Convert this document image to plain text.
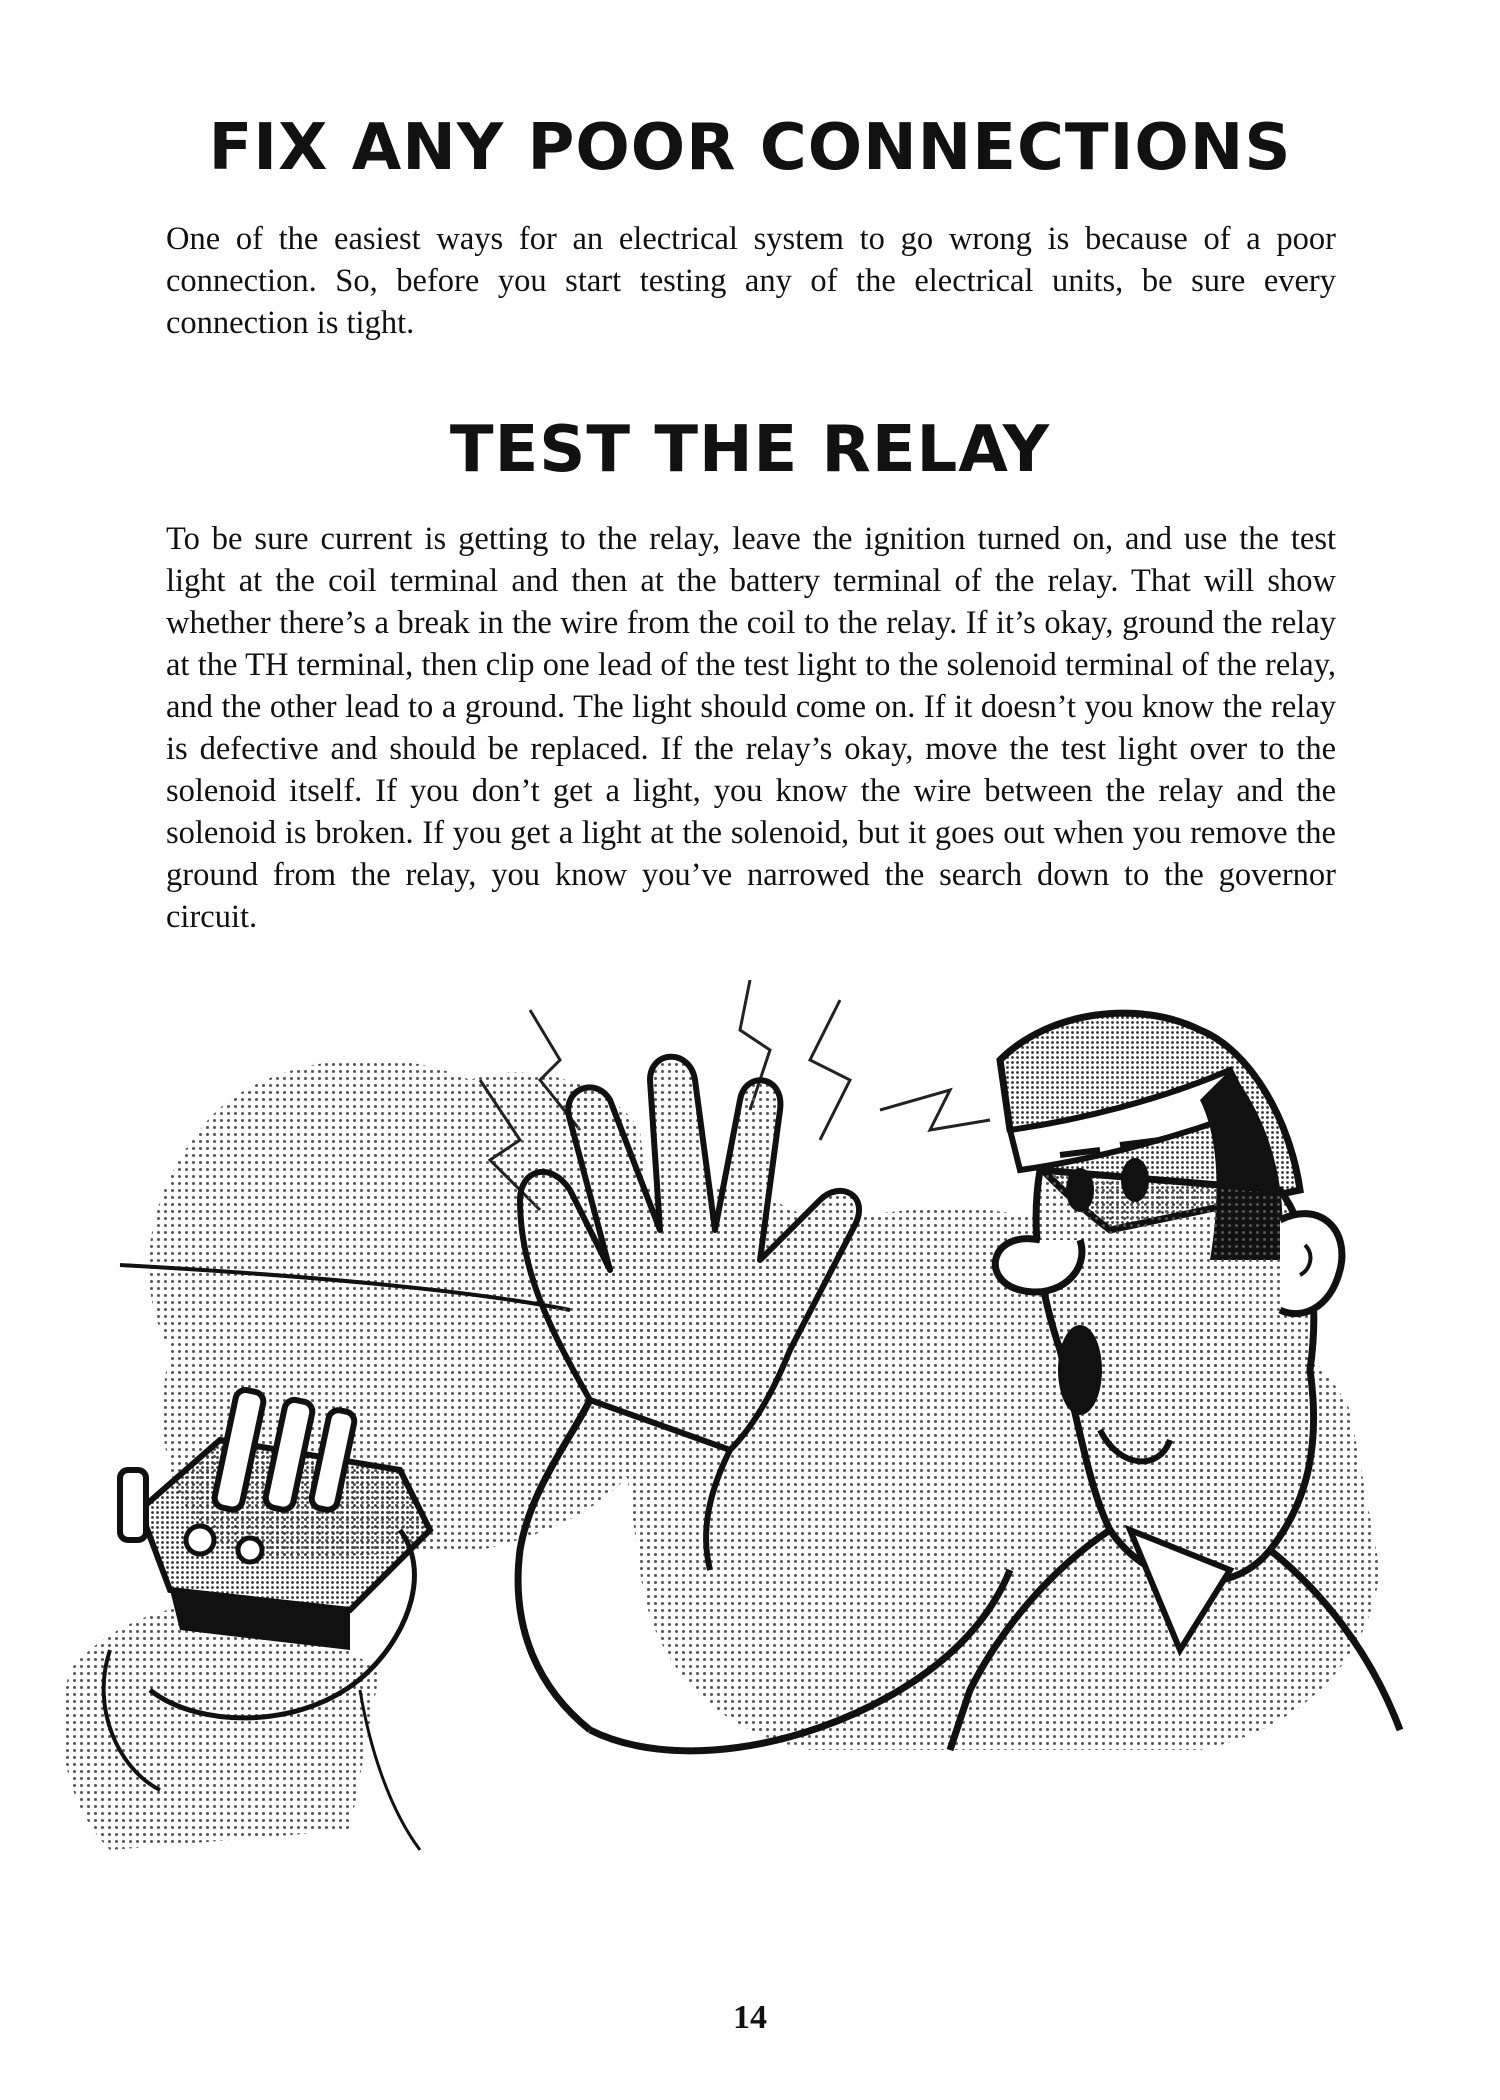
FIX ANY POOR CONNECTIONS

One of the easiest ways for an electrical system to go wrong is because of a poor connection. So, before you start testing any of the electrical units, be sure every connection is tight.

TEST THE RELAY

To be sure current is getting to the relay, leave the ignition turned on, and use the test light at the coil terminal and then at the battery terminal of the relay. That will show whether there’s a break in the wire from the coil to the relay. If it’s okay, ground the relay at the TH terminal, then clip one lead of the test light to the solenoid terminal of the relay, and the other lead to a ground. The light should come on. If it doesn’t you know the relay is defective and should be replaced. If the relay’s okay, move the test light over to the solenoid itself. If you don’t get a light, you know the wire between the relay and the solenoid is broken. If you get a light at the solenoid, but it goes out when you remove the ground from the relay, you know you’ve narrowed the search down to the governor circuit.

14
